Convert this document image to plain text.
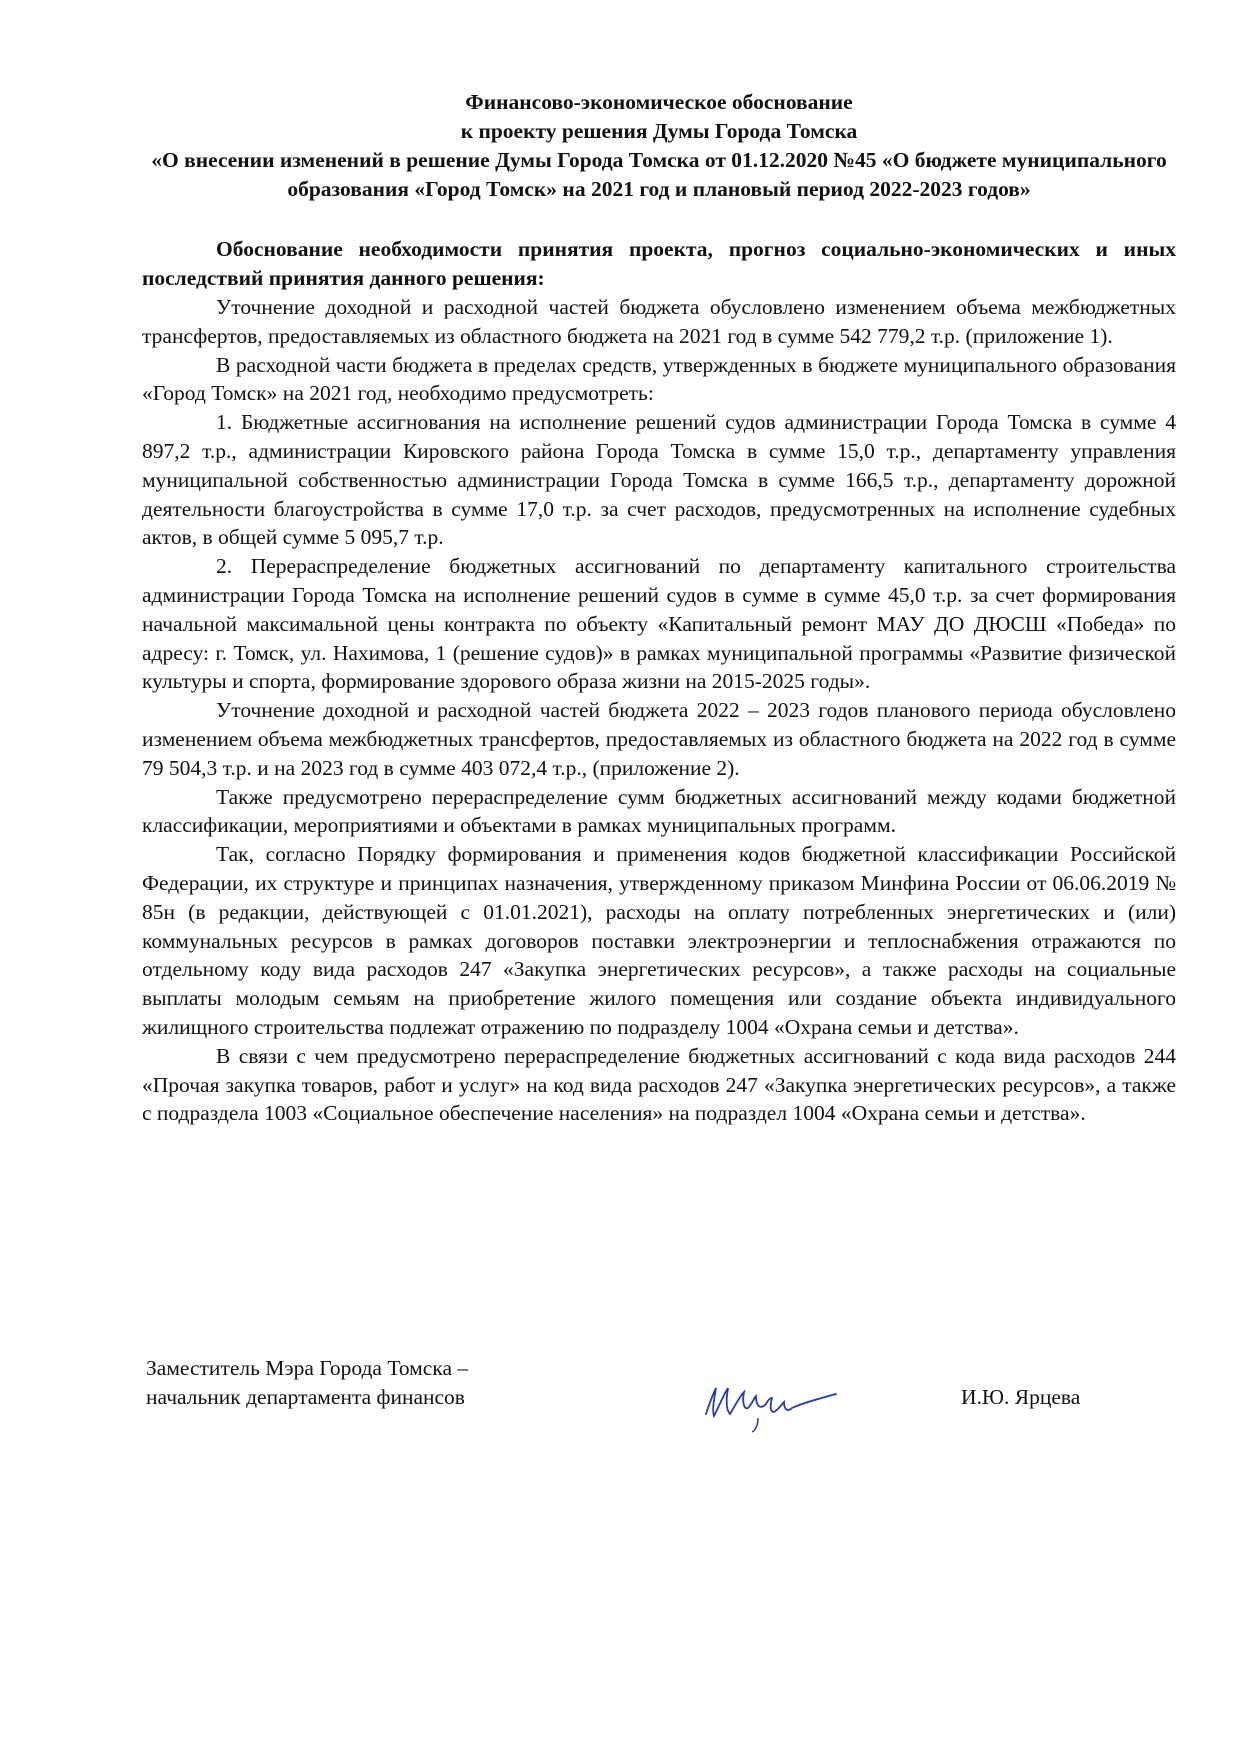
Финансово-экономическое обоснование

к проекту решения Думы Города Томска

«О внесении изменений в решение Думы Города Томска от 01.12.2020 №45 «О бюджете муниципального образования «Город Томск» на 2021 год и плановый период 2022-2023 годов»

Обоснование необходимости принятия проекта, прогноз социально-экономических и иных последствий принятия данного решения:

Уточнение доходной и расходной частей бюджета обусловлено изменением объема межбюджетных трансфертов, предоставляемых из областного бюджета на 2021 год в сумме 542 779,2 т.р. (приложение 1).

В расходной части бюджета в пределах средств, утвержденных в бюджете муниципального образования «Город Томск» на 2021 год, необходимо предусмотреть:

1. Бюджетные ассигнования на исполнение решений судов администрации Города Томска в сумме 4 897,2 т.р., администрации Кировского района Города Томска в сумме 15,0 т.р., департаменту управления муниципальной собственностью администрации Города Томска в сумме 166,5 т.р., департаменту дорожной деятельности благоустройства в сумме 17,0 т.р. за счет расходов, предусмотренных на исполнение судебных актов, в общей сумме 5 095,7 т.р.

2. Перераспределение бюджетных ассигнований по департаменту капитального строительства администрации Города Томска на исполнение решений судов в сумме в сумме 45,0 т.р. за счет формирования начальной максимальной цены контракта по объекту «Капитальный ремонт МАУ ДО ДЮСШ «Победа» по адресу: г. Томск, ул. Нахимова, 1 (решение судов)» в рамках муниципальной программы «Развитие физической культуры и спорта, формирование здорового образа жизни на 2015-2025 годы».

Уточнение доходной и расходной частей бюджета 2022 – 2023 годов планового периода обусловлено изменением объема межбюджетных трансфертов, предоставляемых из областного бюджета на 2022 год в сумме 79 504,3 т.р. и на 2023 год в сумме 403 072,4 т.р., (приложение 2).

Также предусмотрено перераспределение сумм бюджетных ассигнований между кодами бюджетной классификации, мероприятиями и объектами в рамках муниципальных программ.

Так, согласно Порядку формирования и применения кодов бюджетной классификации Российской Федерации, их структуре и принципах назначения, утвержденному приказом Минфина России от 06.06.2019 № 85н (в редакции, действующей с 01.01.2021), расходы на оплату потребленных энергетических и (или) коммунальных ресурсов в рамках договоров поставки электроэнергии и теплоснабжения отражаются по отдельному коду вида расходов 247 «Закупка энергетических ресурсов», а также расходы на социальные выплаты молодым семьям на приобретение жилого помещения или создание объекта индивидуального жилищного строительства подлежат отражению по подразделу 1004 «Охрана семьи и детства».

В связи с чем предусмотрено перераспределение бюджетных ассигнований с кода вида расходов 244 «Прочая закупка товаров, работ и услуг» на код вида расходов 247 «Закупка энергетических ресурсов», а также с подраздела 1003 «Социальное обеспечение населения» на подраздел 1004 «Охрана семьи и детства».

Заместитель Мэра Города Томска –
начальник департамента финансов	И.Ю. Ярцева
